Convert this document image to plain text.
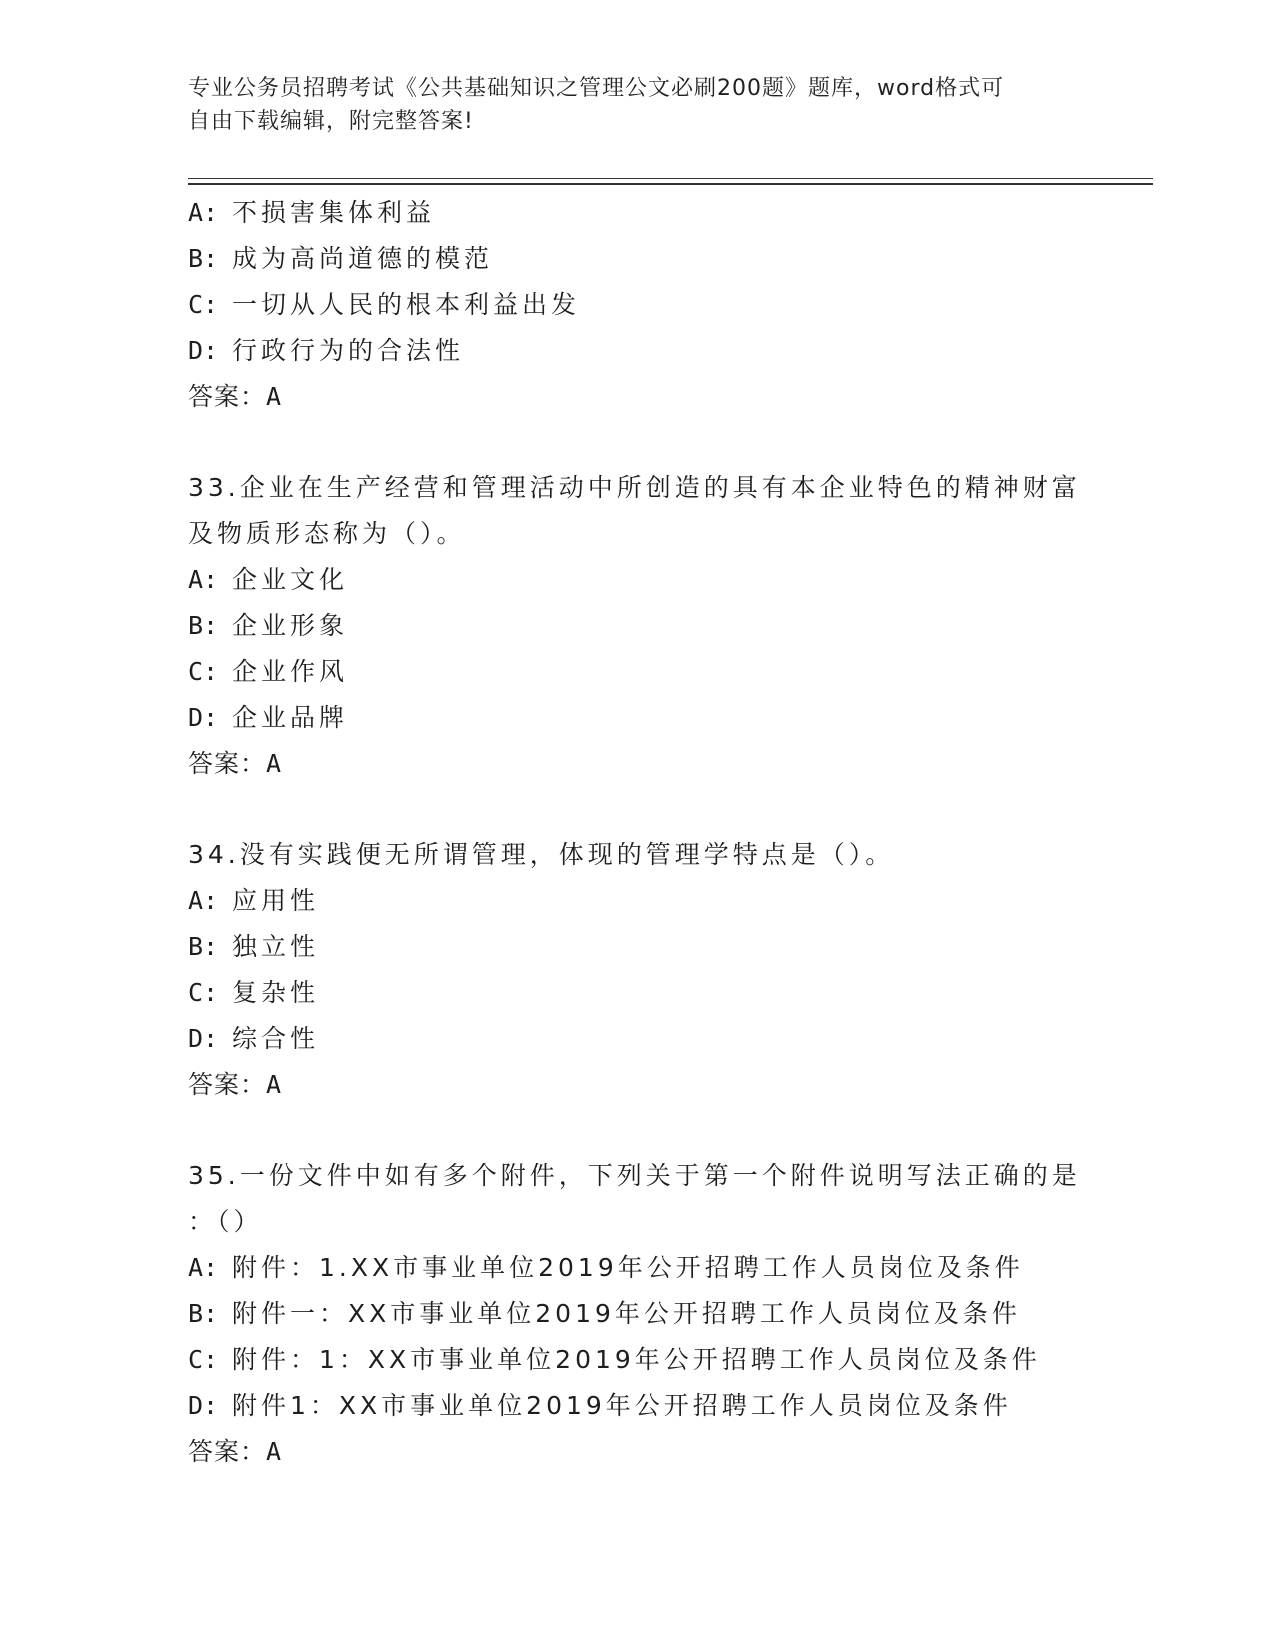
专业公务员招聘考试《公共基础知识之管理公文必刷200题》题库，word格式可
自由下载编辑，附完整答案!
A: 不损害集体利益
B: 成为高尚道德的模范
C: 一切从人民的根本利益出发
D: 行政行为的合法性
答案：A
33.企业在生产经营和管理活动中所创造的具有本企业特色的精神财富
及物质形态称为（）。
A: 企业文化
B: 企业形象
C: 企业作风
D: 企业品牌
答案：A
34.没有实践便无所谓管理，体现的管理学特点是（）。
A: 应用性
B: 独立性
C: 复杂性
D: 综合性
答案：A
35.一份文件中如有多个附件，下列关于第一个附件说明写法正确的是
：（）
A: 附件：1.XX市事业单位2019年公开招聘工作人员岗位及条件
B: 附件一：XX市事业单位2019年公开招聘工作人员岗位及条件
C: 附件：1：XX市事业单位2019年公开招聘工作人员岗位及条件
D: 附件1：XX市事业单位2019年公开招聘工作人员岗位及条件
答案：A
